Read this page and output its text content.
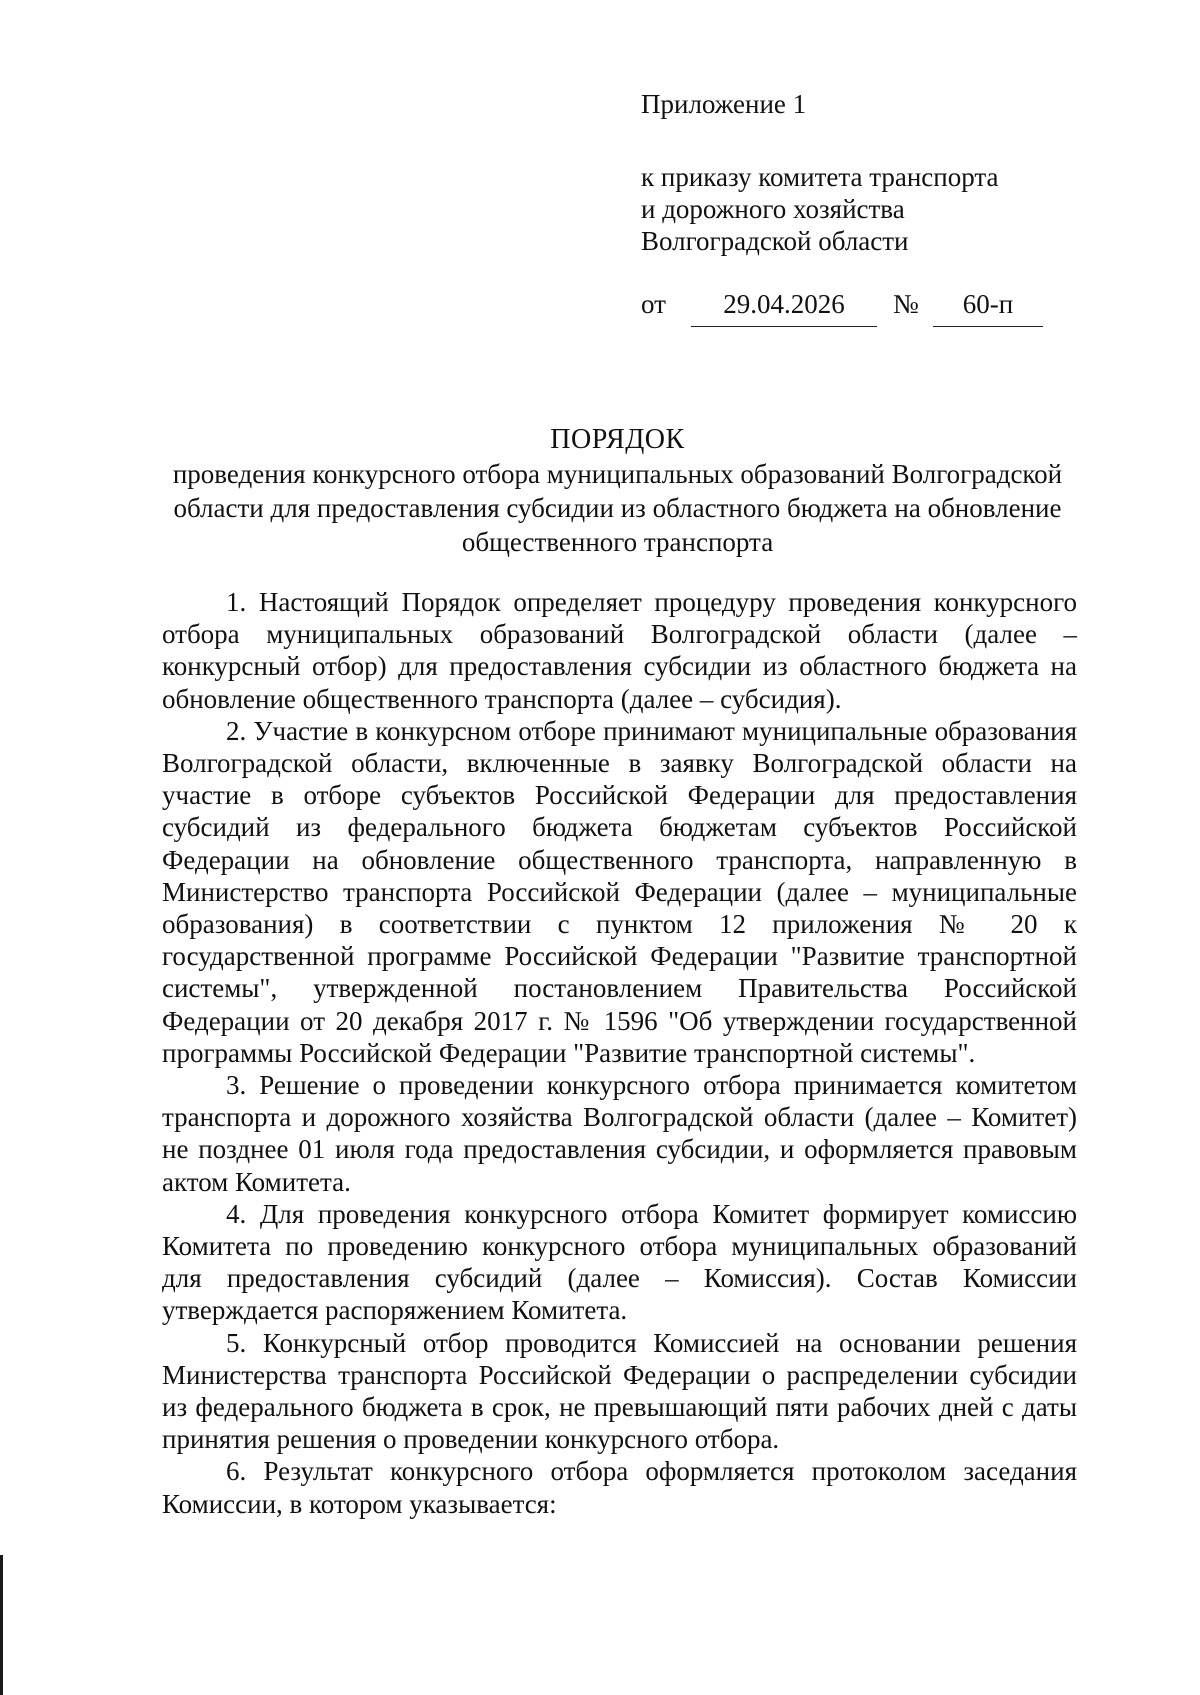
Приложение 1
к приказу комитета транспорта
и дорожного хозяйства
Волгоградской области
от	29.04.2026	№	60-п
ПОРЯДОК

проведения конкурсного отбора муниципальных образований Волгоградской области для предоставления субсидии из областного бюджета на обновление общественного транспорта

1. Настоящий Порядок определяет процедуру проведения конкурсного отбора муниципальных образований Волгоградской области (далее – конкурсный отбор) для предоставления субсидии из областного бюджета на обновление общественного транспорта (далее – субсидия).

2. Участие в конкурсном отборе принимают муниципальные образования Волгоградской области, включенные в заявку Волгоградской области на участие в отборе субъектов Российской Федерации для предоставления субсидий из федерального бюджета бюджетам субъектов Российской Федерации на обновление общественного транспорта, направленную в Министерство транспорта Российской Федерации (далее – муниципальные образования) в соответствии с пунктом 12 приложения № 20 к государственной программе Российской Федерации "Развитие транспортной системы", утвержденной постановлением Правительства Российской Федерации от 20 декабря 2017 г. № 1596 "Об утверждении государственной программы Российской Федерации "Развитие транспортной системы".

3. Решение о проведении конкурсного отбора принимается комитетом транспорта и дорожного хозяйства Волгоградской области (далее – Комитет) не позднее 01 июля года предоставления субсидии, и оформляется правовым актом Комитета.

4. Для проведения конкурсного отбора Комитет формирует комиссию Комитета по проведению конкурсного отбора муниципальных образований для предоставления субсидий (далее – Комиссия). Состав Комиссии утверждается распоряжением Комитета.

5. Конкурсный отбор проводится Комиссией на основании решения Министерства транспорта Российской Федерации о распределении субсидии из федерального бюджета в срок, не превышающий пяти рабочих дней с даты принятия решения о проведении конкурсного отбора.

6. Результат конкурсного отбора оформляется протоколом заседания Комиссии, в котором указывается:
